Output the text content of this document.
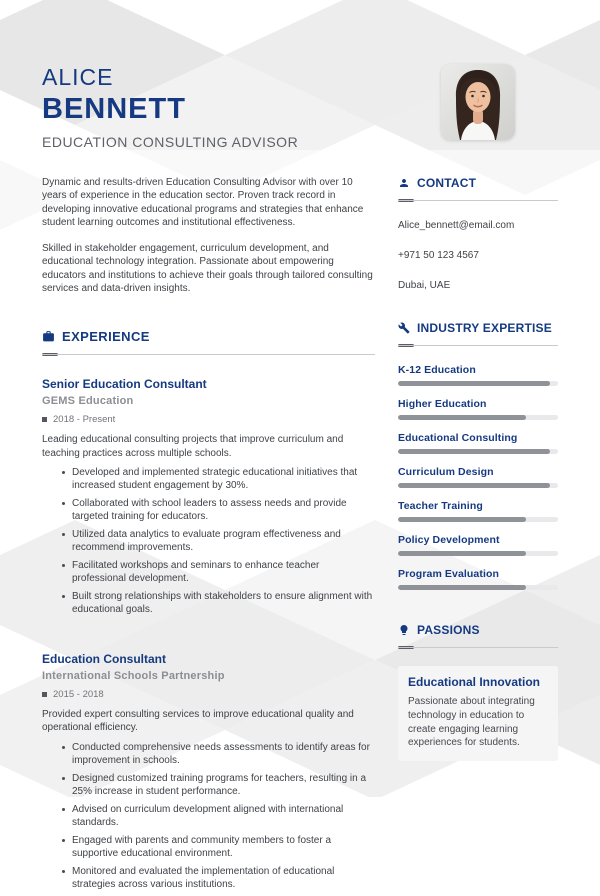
ALICE
BENNETT
EDUCATION CONSULTING ADVISOR

Dynamic and results-driven Education Consulting Advisor with over 10 years of experience in the education sector. Proven track record in developing innovative educational programs and strategies that enhance student learning outcomes and institutional effectiveness.

Skilled in stakeholder engagement, curriculum development, and educational technology integration. Passionate about empowering educators and institutions to achieve their goals through tailored consulting services and data-driven insights.

EXPERIENCE
Senior Education Consultant
GEMS Education
2018 - Present
Leading educational consulting projects that improve curriculum and teaching practices across multiple schools.
Developed and implemented strategic educational initiatives that increased student engagement by 30%.
Collaborated with school leaders to assess needs and provide targeted training for educators.
Utilized data analytics to evaluate program effectiveness and recommend improvements.
Facilitated workshops and seminars to enhance teacher professional development.
Built strong relationships with stakeholders to ensure alignment with educational goals.
Education Consultant
International Schools Partnership
2015 - 2018
Provided expert consulting services to improve educational quality and operational efficiency.
Conducted comprehensive needs assessments to identify areas for improvement in schools.
Designed customized training programs for teachers, resulting in a 25% increase in student performance.
Advised on curriculum development aligned with international standards.
Engaged with parents and community members to foster a supportive educational environment.
Monitored and evaluated the implementation of educational strategies across various institutions.
CONTACT
Alice_bennett@email.com
+971 50 123 4567
Dubai, UAE
INDUSTRY EXPERTISE
K-12 Education
Higher Education
Educational Consulting
Curriculum Design
Teacher Training
Policy Development
Program Evaluation
PASSIONS
Educational Innovation
Passionate about integrating technology in education to create engaging learning experiences for students.
